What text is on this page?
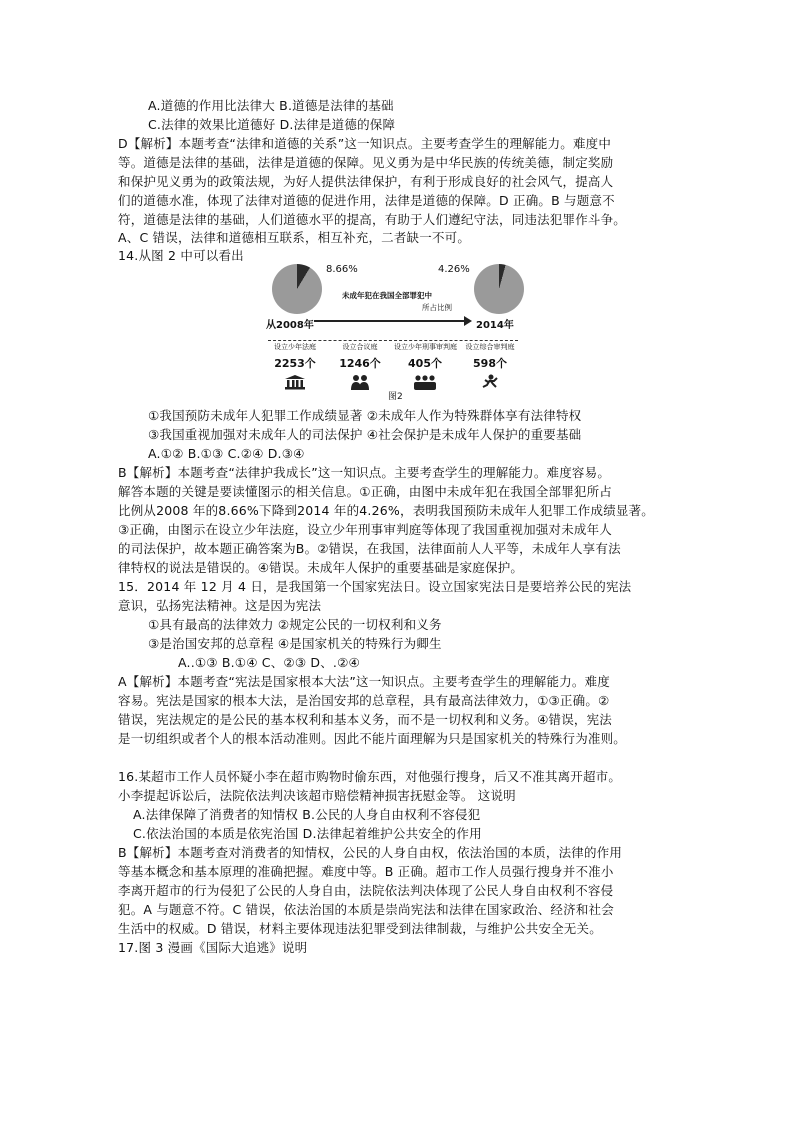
A.道德的作用比法律大 B.道德是法律的基础
C.法律的效果比道德好 D.法律是道德的保障
D【解析】本题考查“法律和道德的关系”这一知识点。主要考查学生的理解能力。难度中
等。道德是法律的基础，法律是道德的保障。见义勇为是中华民族的传统美德，制定奖励
和保护见义勇为的政策法规，为好人提供法律保护，有利于形成良好的社会风气，提高人
们的道德水准，体现了法律对道德的促进作用，法律是道德的保障。D 正确。B 与题意不
符，道德是法律的基础，人们道德水平的提高，有助于人们遵纪守法，同违法犯罪作斗争。
A、C 错误，法律和道德相互联系，相互补充，二者缺一不可。
14.从图 2 中可以看出
8.66%	4.26%
未成年犯在我国全部罪犯中
所占比例
从2008年	2014年
设立少年法庭
2253个
设立合议庭
1246个
设立少年刑事审判庭
405个
设立综合审判庭
598个
图2
①我国预防未成年人犯罪工作成绩显著 ②未成年人作为特殊群体享有法律特权
③我国重视加强对未成年人的司法保护 ④社会保护是未成年人保护的重要基础
A.①② B.①③ C.②④ D.③④
B【解析】本题考查“法律护我成长”这一知识点。主要考查学生的理解能力。难度容易。
解答本题的关键是要读懂图示的相关信息。①正确，由图中未成年犯在我国全部罪犯所占
比例从2008 年的8.66%下降到2014 年的4.26%，表明我国预防未成年人犯罪工作成绩显著。
③正确，由图示在设立少年法庭，设立少年刑事审判庭等体现了我国重视加强对未成年人
的司法保护，故本题正确答案为B。②错误，在我国，法律面前人人平等，未成年人享有法
律特权的说法是错误的。④错误。未成年人保护的重要基础是家庭保护。
15．2014 年 12 月 4 日，是我国第一个国家宪法日。设立国家宪法日是要培养公民的宪法
意识，弘扬宪法精神。这是因为宪法
①具有最高的法律效力 ②规定公民的一切权利和义务
③是治国安邦的总章程 ④是国家机关的特殊行为卿生
A..①③ B.①④ C、②③ D、.②④
A【解析】本题考查“宪法是国家根本大法”这一知识点。主要考查学生的理解能力。难度
容易。宪法是国家的根本大法，是治国安邦的总章程，具有最高法律效力，①③正确。②
错误，宪法规定的是公民的基本权利和基本义务，而不是一切权利和义务。④错误，宪法
是一切组织或者个人的根本活动准则。因此不能片面理解为只是国家机关的特殊行为准则。
16.某超市工作人员怀疑小李在超市购物时偷东西，对他强行搜身，后又不准其离开超市。
小李提起诉讼后，法院依法判决该超市赔偿精神损害抚慰金等。 这说明
A.法律保障了消费者的知情权 B.公民的人身自由权利不容侵犯
C.依法治国的本质是依宪治国 D.法律起着维护公共安全的作用
B【解析】本题考查对消费者的知情权，公民的人身自由权，依法治国的本质，法律的作用
等基本概念和基本原理的准确把握。难度中等。B 正确。超市工作人员强行搜身并不准小
李离开超市的行为侵犯了公民的人身自由，法院依法判决体现了公民人身自由权利不容侵
犯。A 与题意不符。C 错误，依法治国的本质是崇尚宪法和法律在国家政治、经济和社会
生活中的权威。D 错误，材料主要体现违法犯罪受到法律制裁，与维护公共安全无关。
17.图 3 漫画《国际大追逃》说明
